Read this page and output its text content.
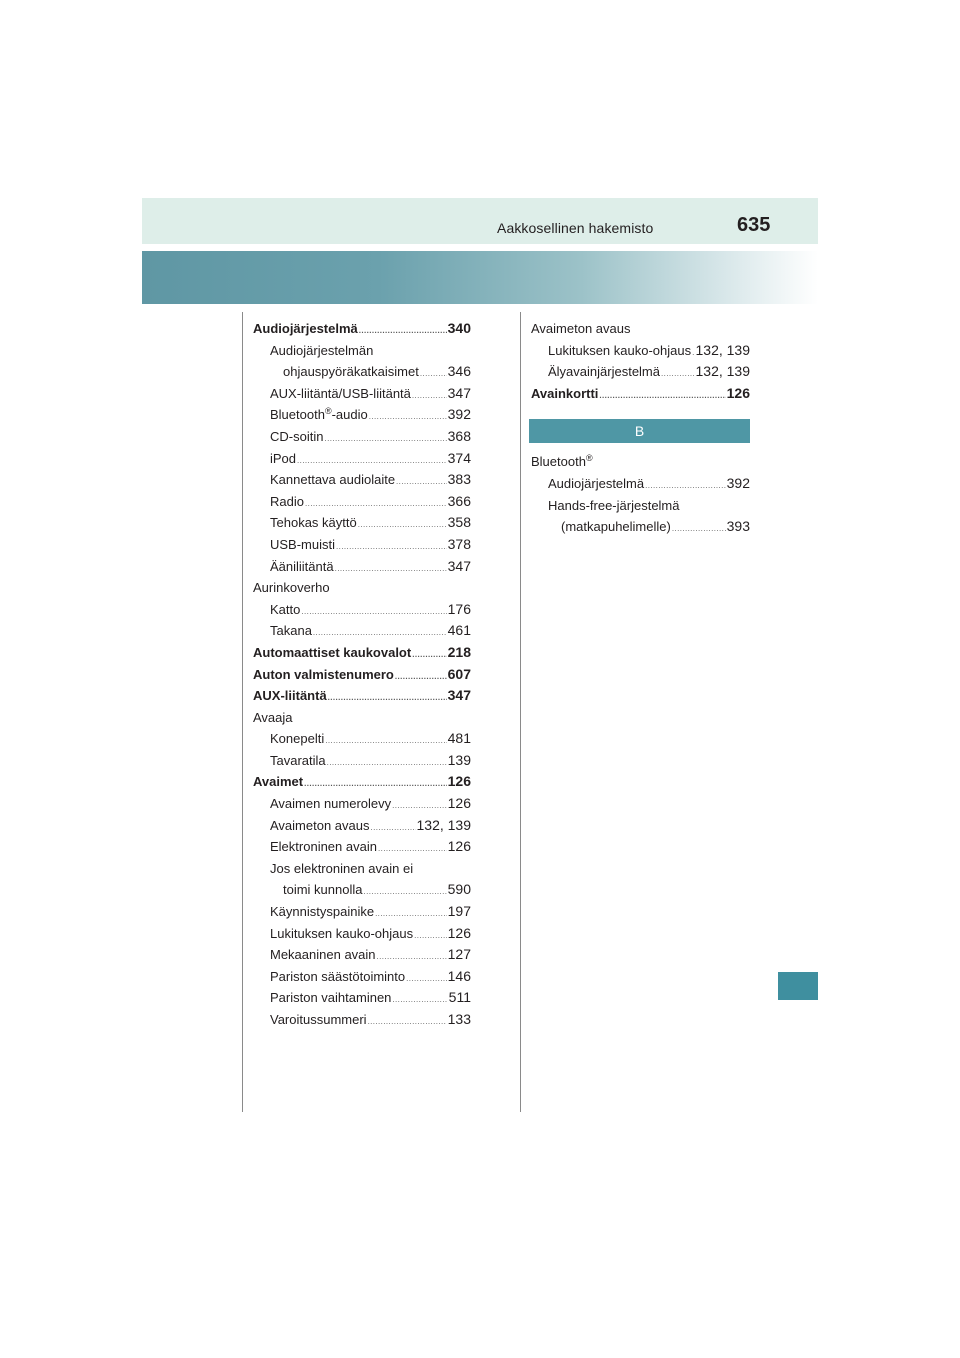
Aakkosellinen hakemisto	635
Audiojärjestelmä .....	340
Audiojärjestelmän
ohjauspyöräkatkaisimet ..... 346
AUX-liitäntä/USB-liitäntä .....	347
Bluetooth®-audio .....	392
CD-soitin .....	368
iPod .....	374
Kannettava audiolaite .....	383
Radio .....	366
Tehokas käyttö .....	358
USB-muisti .....	378
Ääniliitäntä .....	347
Aurinkoverho
Katto .....	176
Takana .....	461
Automaattiset kaukovalot .....	218
Auton valmistenumero .....	607
AUX-liitäntä .....	347
Avaaja
Konepelti .....	481
Tavaratila .....	139
Avaimet .....	126
Avaimen numerolevy .....	126
Avaimeton avaus .....	132, 139
Elektroninen avain .....	126
Jos elektroninen avain ei
toimi kunnolla .....	590
Käynnistyspainike .....	197
Lukituksen kauko-ohjaus ..... 126
Mekaaninen avain .....	127
Pariston säästötoiminto .....	146
Pariston vaihtaminen .....	511
Varoitussummeri .....	133
Avaimeton avaus
Lukituksen kauko-ohjaus ..... 132, 139
Älyavainjärjestelmä .....	132, 139
Avainkortti .....	126
B
Bluetooth®
Audiojärjestelmä .....	392
Hands-free-järjestelmä
(matkapuhelimelle) .....	393
